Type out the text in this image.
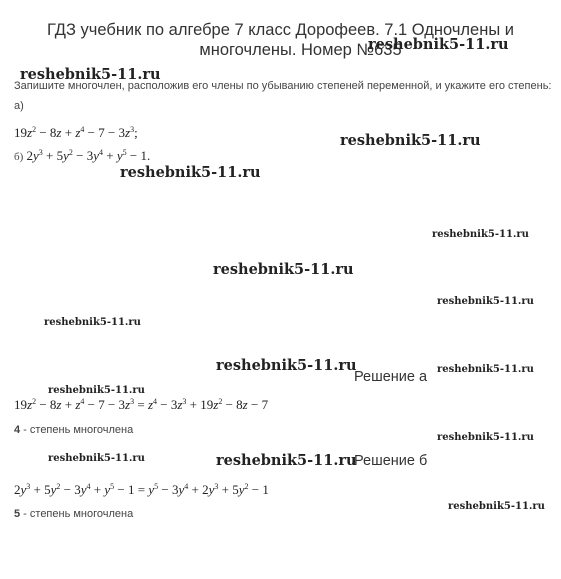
ГДЗ учебник по алгебре 7 класс Дорофеев. 7.1 Одночлены и
многочлены. Номер №635
reshebnik5-11.ru
reshebnik5-11.ru
reshebnik5-11.ru
reshebnik5-11.ru
reshebnik5-11.ru
reshebnik5-11.ru
reshebnik5-11.ru
reshebnik5-11.ru
reshebnik5-11.ru	reshebnik5-11.ru
reshebnik5-11.ru
reshebnik5-11.ru
reshebnik5-11.ru	reshebnik5-11.ru
reshebnik5-11.ru
Запишите многочлен, расположив его члены по убыванию степеней переменной, и укажите его степень:
а)
$19z^2 - 8z + z^4 - 7 - 3z^3$;
б) $2y^3 + 5y^2 - 3y^4 + y^5 - 1$.
Решение а
$19z^2 - 8z + z^4 - 7 - 3z^3 = z^4 - 3z^3 + 19z^2 - 8z - 7$
4 - степень многочлена
Решение б
$2y^3 + 5y^2 - 3y^4 + y^5 - 1 = y^5 - 3y^4 + 2y^3 + 5y^2 - 1$
5 - степень многочлена
